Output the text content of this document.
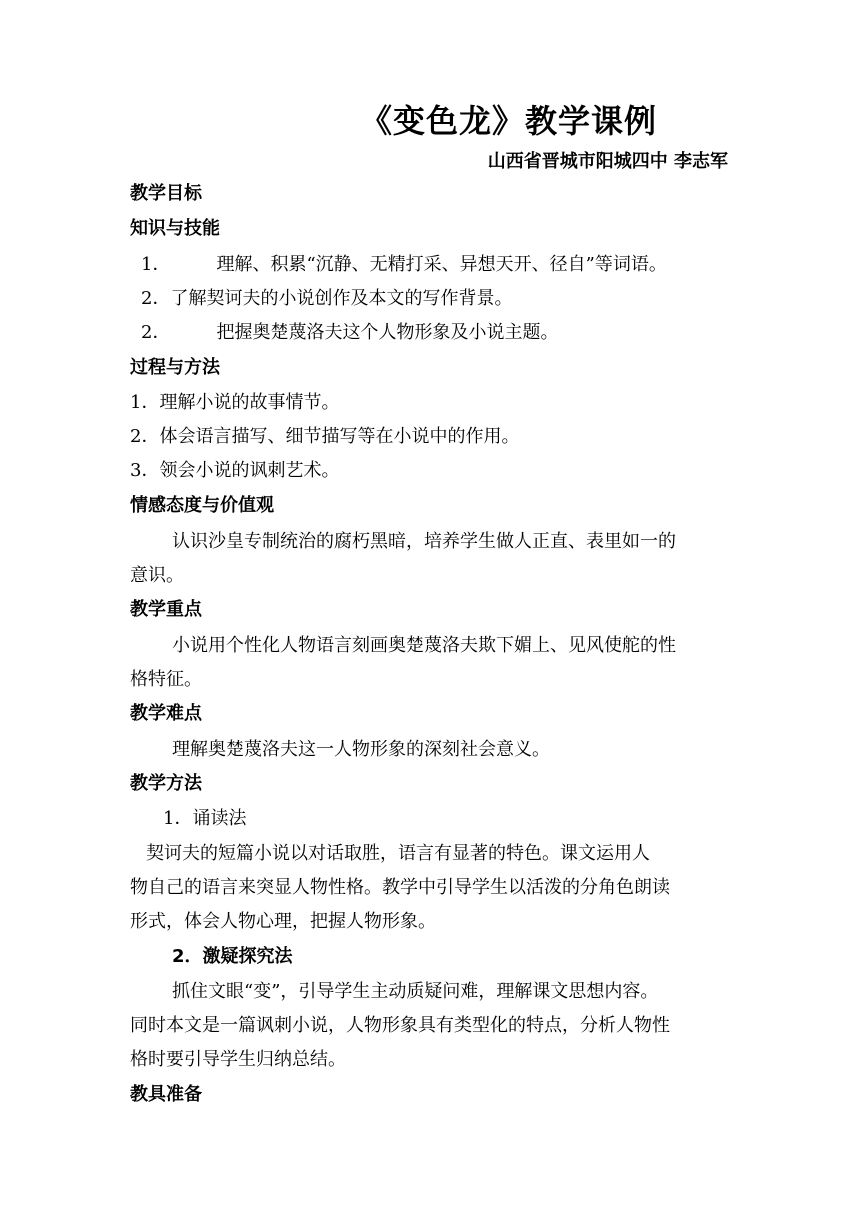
《变色龙》教学课例
山西省晋城市阳城四中 李志军
教学目标
知识与技能
1．	理解、积累“沉静、无精打采、异想天开、径自”等词语。
2．了解契诃夫的小说创作及本文的写作背景。
2．	把握奥楚蔑洛夫这个人物形象及小说主题。
过程与方法
1．理解小说的故事情节。
2．体会语言描写、细节描写等在小说中的作用。
3．领会小说的讽刺艺术。
情感态度与价值观
认识沙皇专制统治的腐朽黑暗，培养学生做人正直、表里如一的
意识。
教学重点
小说用个性化人物语言刻画奥楚蔑洛夫欺下媚上、见风使舵的性
格特征。
教学难点
理解奥楚蔑洛夫这一人物形象的深刻社会意义。
教学方法
1．诵读法
契诃夫的短篇小说以对话取胜，语言有显著的特色。课文运用人
物自己的语言来突显人物性格。教学中引导学生以活泼的分角色朗读
形式，体会人物心理，把握人物形象。
2．激疑探究法
抓住文眼“变”，引导学生主动质疑问难，理解课文思想内容。
同时本文是一篇讽刺小说，人物形象具有类型化的特点，分析人物性
格时要引导学生归纳总结。
教具准备
